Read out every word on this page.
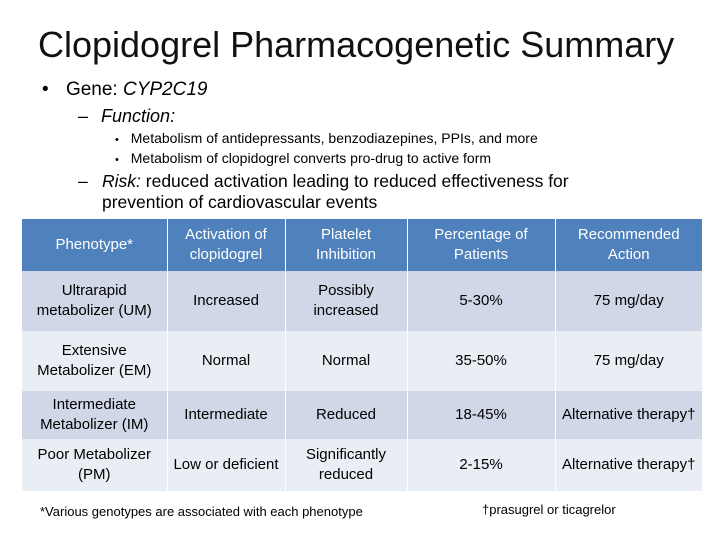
Clopidogrel Pharmacogenetic Summary
• Gene: CYP2C19
– Function:
• Metabolism of antidepressants, benzodiazepines, PPIs, and more
• Metabolism of clopidogrel converts pro-drug to active form
– Risk: reduced activation leading to reduced effectiveness for prevention of cardiovascular events
Phenotype*	Activation of clopidogrel	Platelet Inhibition	Percentage of Patients	Recommended Action
Ultrarapid metabolizer (UM)	Increased	Possibly increased	5-30%	75 mg/day
Extensive Metabolizer (EM)	Normal	Normal	35-50%	75 mg/day
Intermediate Metabolizer (IM)	Intermediate	Reduced	18-45%	Alternative therapy†
Poor Metabolizer (PM)	Low or deficient	Significantly reduced	2-15%	Alternative therapy†
*Various genotypes are associated with each phenotype	†prasugrel or ticagrelor
